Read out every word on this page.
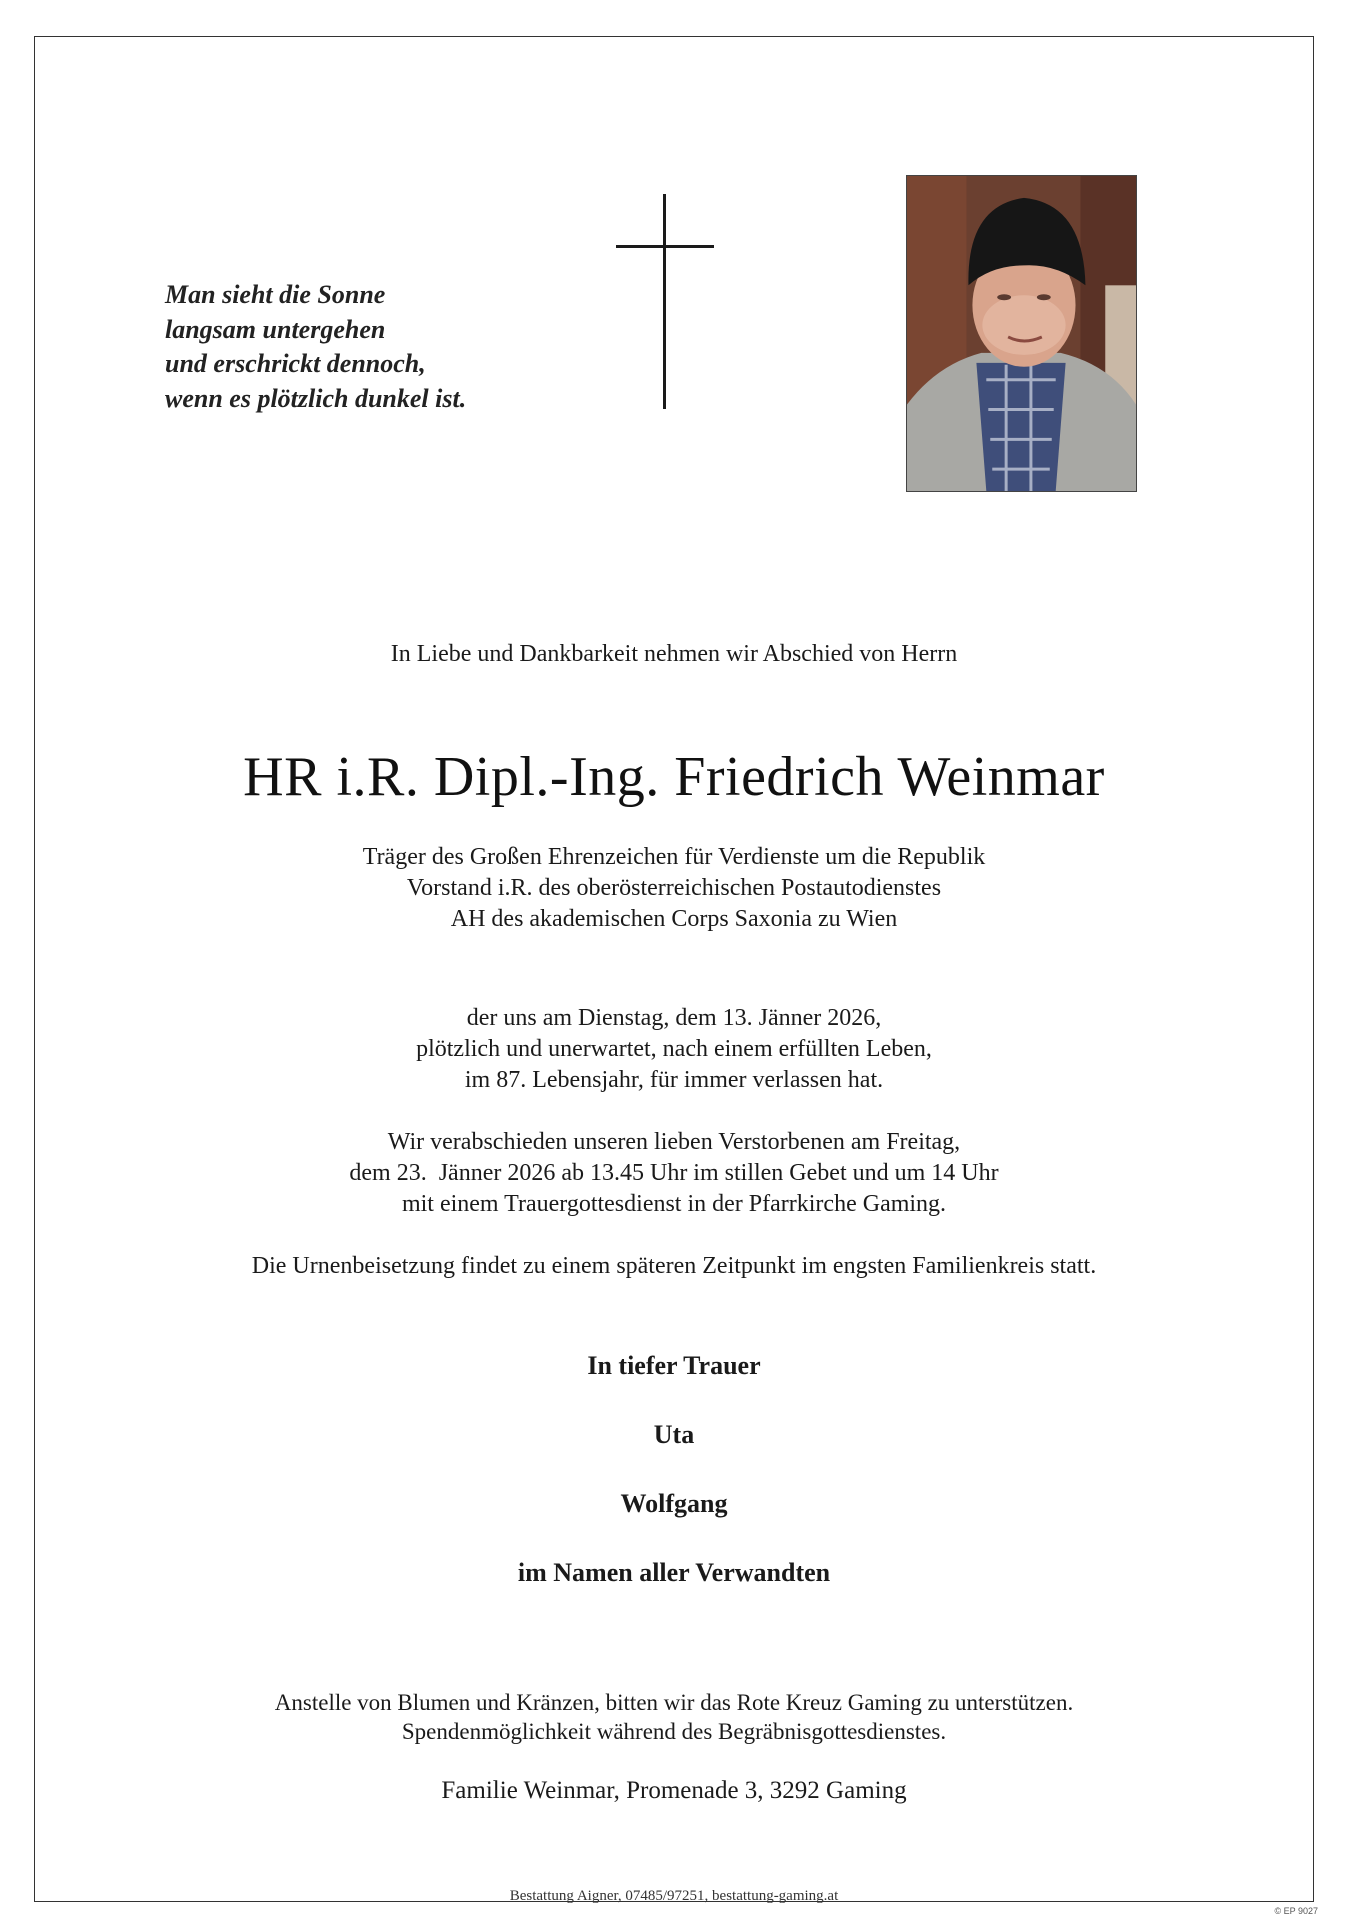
Man sieht die Sonne
langsam untergehen
und erschrickt dennoch,
wenn es plötzlich dunkel ist.
In Liebe und Dankbarkeit nehmen wir Abschied von Herrn
HR i.R. Dipl.-Ing. Friedrich Weinmar
Träger des Großen Ehrenzeichen für Verdienste um die Republik
Vorstand i.R. des oberösterreichischen Postautodienstes
AH des akademischen Corps Saxonia zu Wien
der uns am Dienstag, dem 13. Jänner 2026,
plötzlich und unerwartet, nach einem erfüllten Leben,
im 87. Lebensjahr, für immer verlassen hat.
Wir verabschieden unseren lieben Verstorbenen am Freitag,
dem 23.  Jänner 2026 ab 13.45 Uhr im stillen Gebet und um 14 Uhr
mit einem Trauergottesdienst in der Pfarrkirche Gaming.
Die Urnenbeisetzung findet zu einem späteren Zeitpunkt im engsten Familienkreis statt.
In tiefer Trauer
Uta
Wolfgang
im Namen aller Verwandten
Anstelle von Blumen und Kränzen, bitten wir das Rote Kreuz Gaming zu unterstützen.
Spendenmöglichkeit während des Begräbnisgottesdienstes.
Familie Weinmar, Promenade 3, 3292 Gaming
Bestattung Aigner, 07485/97251, bestattung-gaming.at
© EP 9027
